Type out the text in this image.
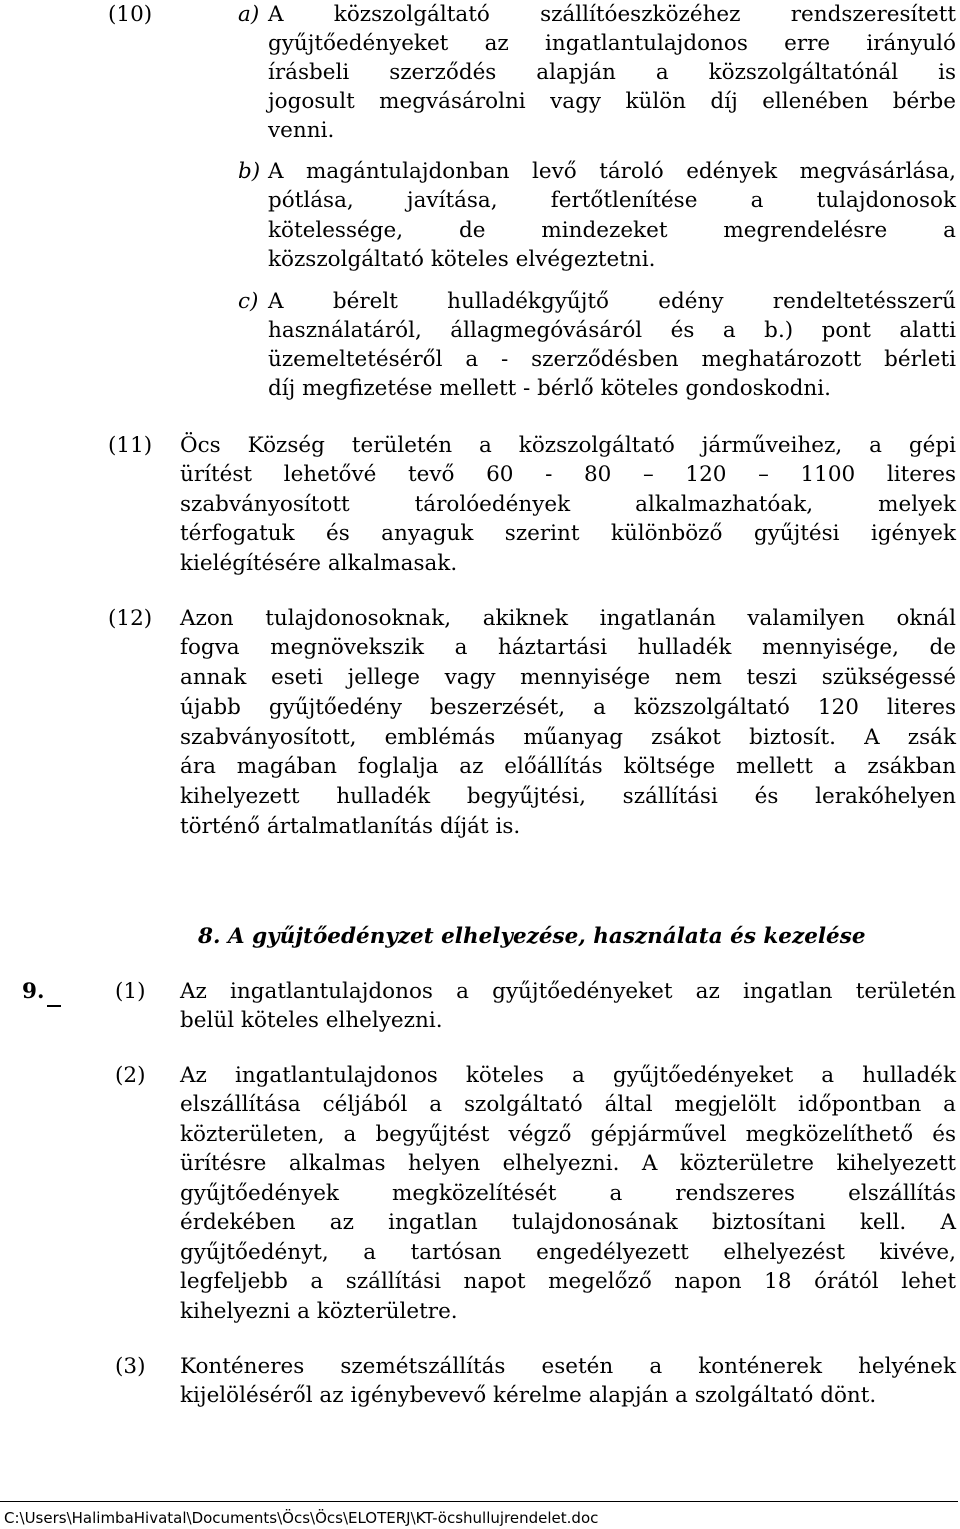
(10)	a) A közszolgáltató szállítóeszközéhez rendszeresített
gyűjtőedényeket az ingatlantulajdonos erre irányuló
írásbeli szerződés alapján a közszolgáltatónál is
jogosult megvásárolni vagy külön díj ellenében bérbe
venni.
b) A magántulajdonban levő tároló edények megvásárlása,
pótlása, javítása, fertőtlenítése a tulajdonosok
kötelessége, de mindezeket megrendelésre a
közszolgáltató köteles elvégeztetni.
c) A bérelt hulladékgyűjtő edény rendeltetésszerű
használatáról, állagmegóvásáról és a b.) pont alatti
üzemeltetéséről a - szerződésben meghatározott bérleti
díj megfizetése mellett - bérlő köteles gondoskodni.
(11) Öcs Község területén a közszolgáltató járműveihez, a gépi
ürítést lehetővé tevő 60 - 80 – 120 – 1100 literes
szabványosított tárolóedények alkalmazhatóak, melyek
térfogatuk és anyaguk szerint különböző gyűjtési igények
kielégítésére alkalmasak.
(12) Azon tulajdonosoknak, akiknek ingatlanán valamilyen oknál
fogva megnövekszik a háztartási hulladék mennyisége, de
annak eseti jellege vagy mennyisége nem teszi szükségessé
újabb gyűjtőedény beszerzését, a közszolgáltató 120 literes
szabványosított, emblémás műanyag zsákot biztosít. A zsák
ára magában foglalja az előállítás költsége mellett a zsákban
kihelyezett hulladék begyűjtési, szállítási és lerakóhelyen
történő ártalmatlanítás díját is.
8. A gyűjtőedényzet elhelyezése, használata és kezelése
9.	(1) Az ingatlantulajdonos a gyűjtőedényeket az ingatlan területén
belül köteles elhelyezni.
(2) Az ingatlantulajdonos köteles a gyűjtőedényeket a hulladék
elszállítása céljából a szolgáltató által megjelölt időpontban a
közterületen, a begyűjtést végző gépjárművel megközelíthető és
ürítésre alkalmas helyen elhelyezni. A közterületre kihelyezett
gyűjtőedények megközelítését a rendszeres elszállítás
érdekében az ingatlan tulajdonosának biztosítani kell. A
gyűjtőedényt, a tartósan engedélyezett elhelyezést kivéve,
legfeljebb a szállítási napot megelőző napon 18 órától lehet
kihelyezni a közterületre.
(3) Konténeres szemétszállítás esetén a konténerek helyének
kijelöléséről az igénybevevő kérelme alapján a szolgáltató dönt.
C:\Users\HalimbaHivatal\Documents\Öcs\Öcs\ELOTERJ\KT-öcshullujrendelet.doc
